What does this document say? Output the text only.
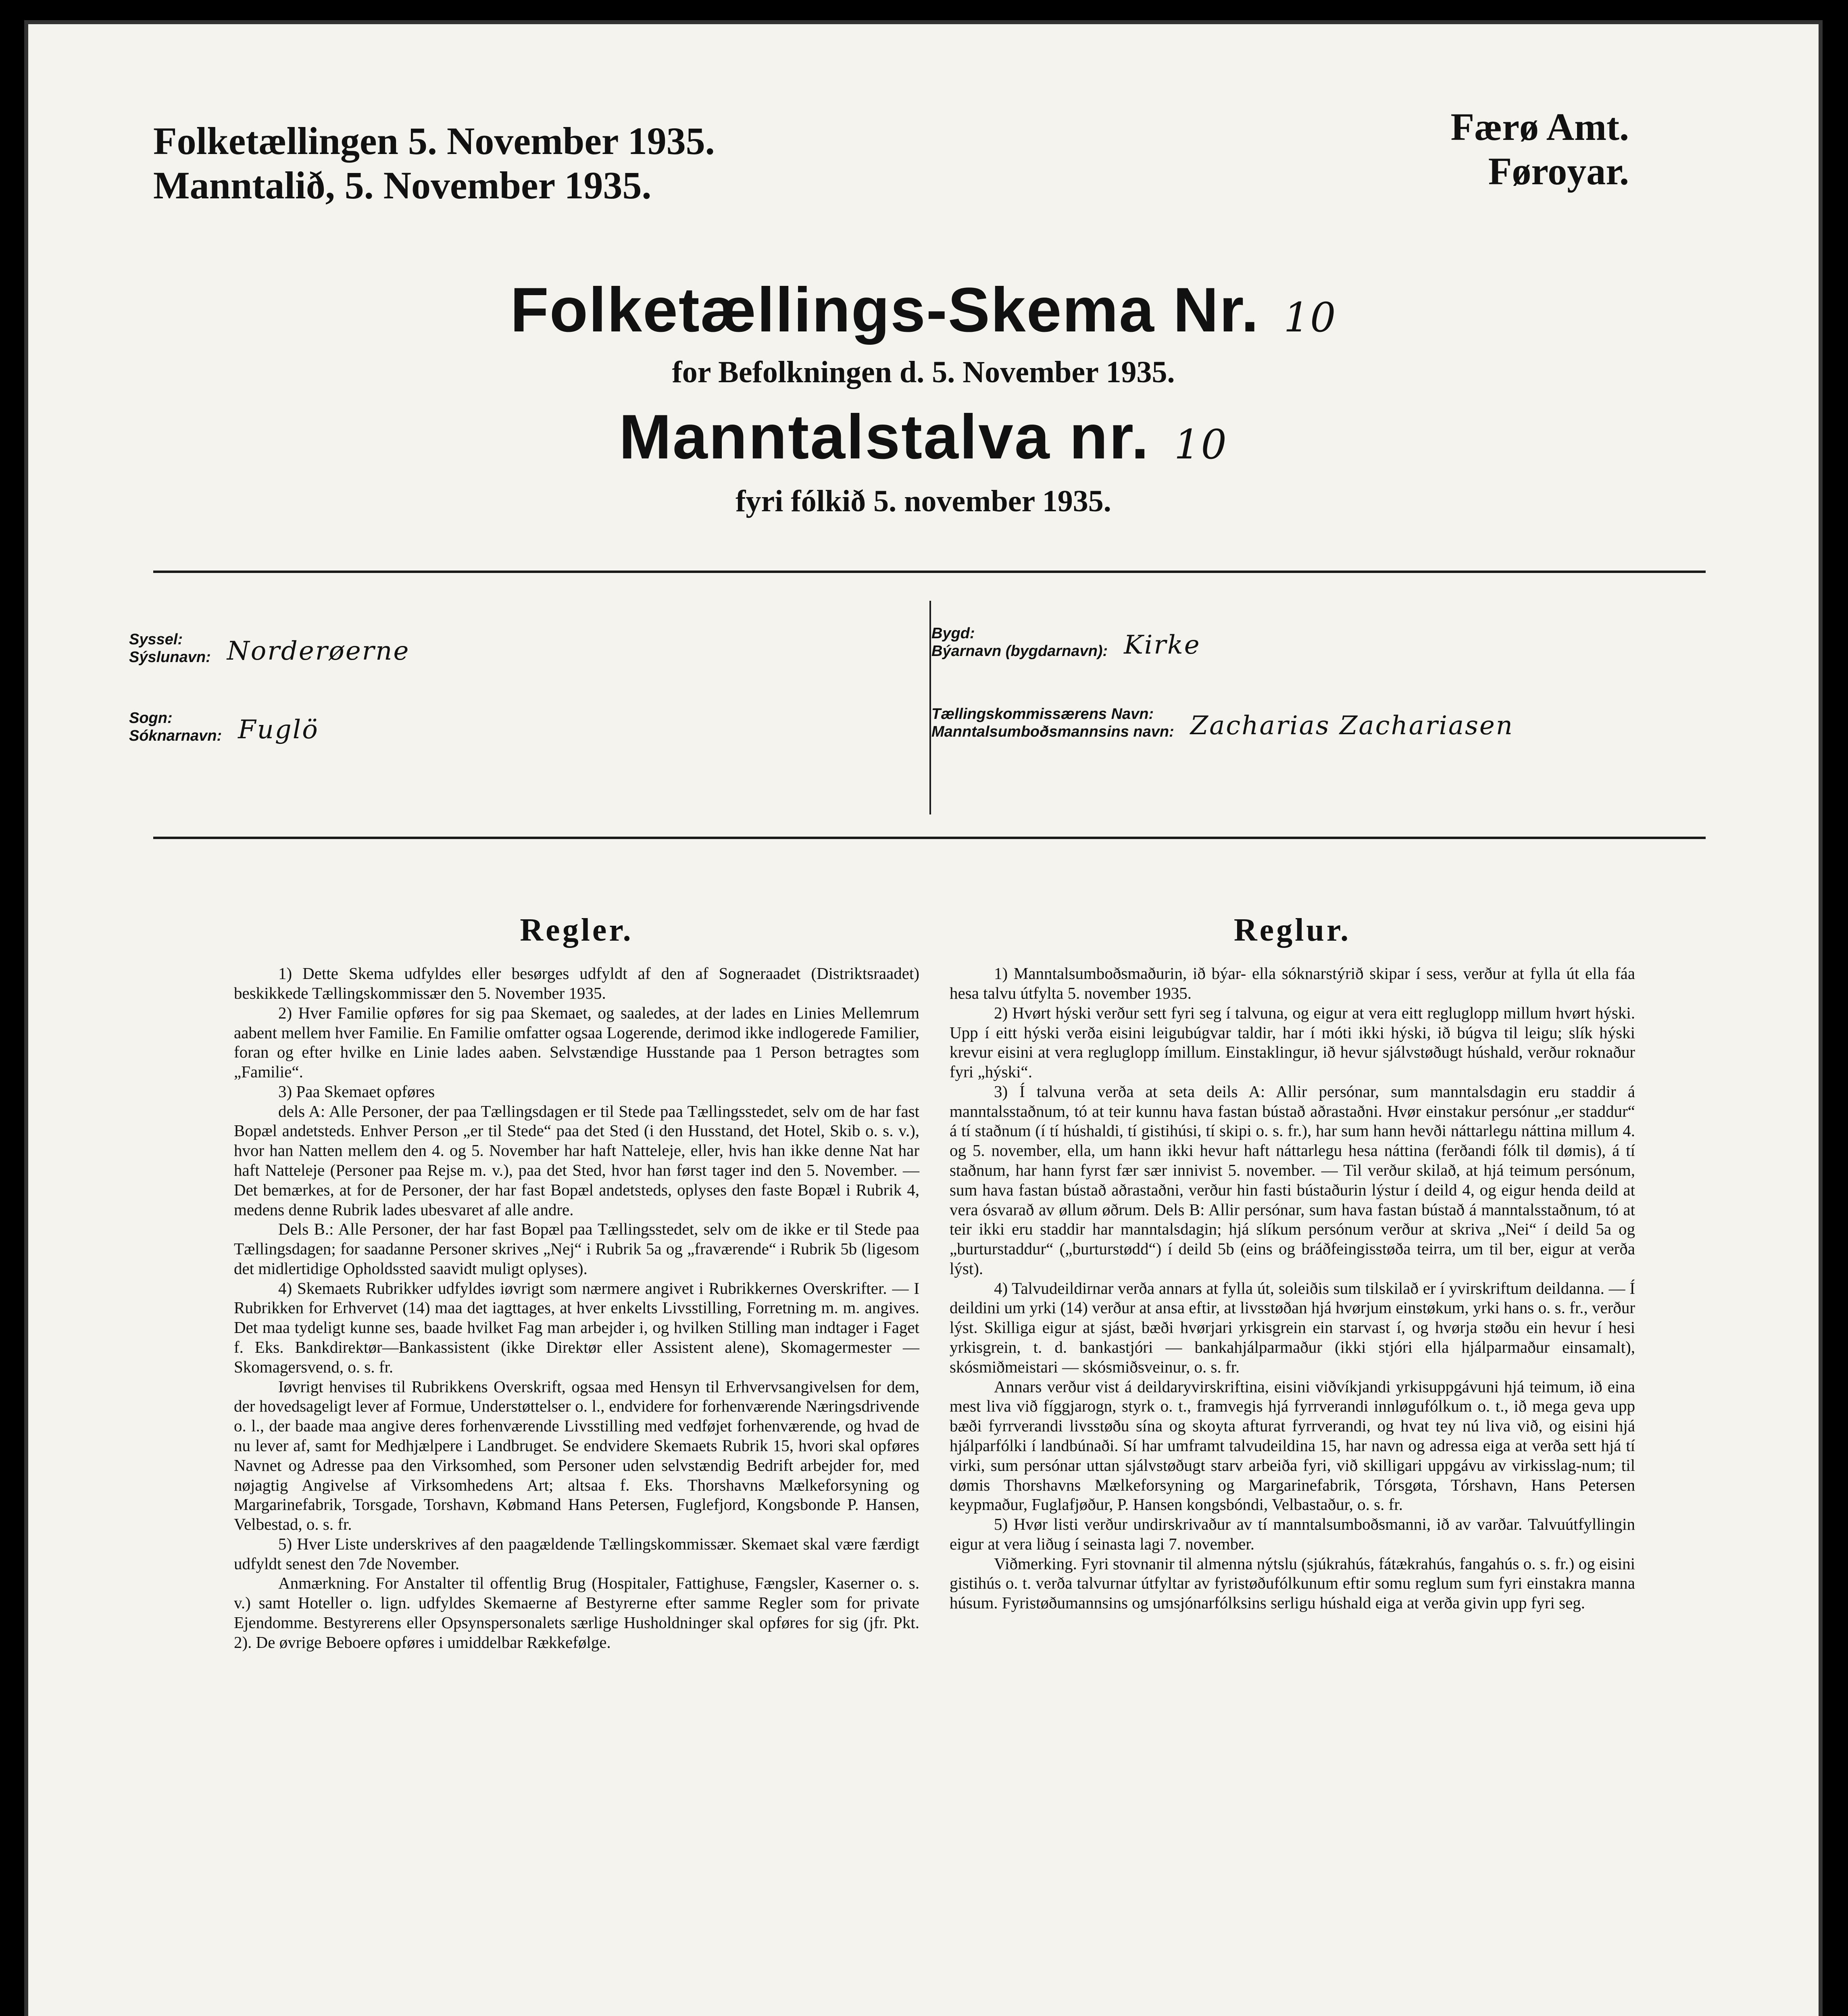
Folketællingen 5. November 1935.
Manntalið, 5. November 1935.
Færø Amt.
Føroyar.
Folketællings-Skema Nr. 10
for Befolkningen d. 5. November 1935.
Manntalstalva nr. 10
fyri fólkið 5. november 1935.
Syssel:
Sýslunavn: Norderøerne
Sogn:
Sóknarnavn: Fuglö
Bygd:
Býarnavn (bygdarnavn): Kirke
Tællingskommissærens Navn:
Manntalsumboðsmannsins navn: Zacharias Zachariasen
Regler.

1) Dette Skema udfyldes eller besørges udfyldt af den af Sogneraadet (Distriktsraadet) beskikkede Tællingskommissær den 5. November 1935.

2) Hver Familie opføres for sig paa Skemaet, og saaledes, at der lades en Linies Mellemrum aabent mellem hver Familie. En Familie omfatter ogsaa Logerende, derimod ikke indlogerede Familier, foran og efter hvilke en Linie lades aaben. Selvstændige Husstande paa 1 Person betragtes som „Familie“.

3) Paa Skemaet opføres

dels A: Alle Personer, der paa Tællingsdagen er til Stede paa Tællingsstedet, selv om de har fast Bopæl andetsteds. Enhver Person „er til Stede“ paa det Sted (i den Husstand, det Hotel, Skib o. s. v.), hvor han Natten mellem den 4. og 5. November har haft Natteleje, eller, hvis han ikke denne Nat har haft Natteleje (Personer paa Rejse m. v.), paa det Sted, hvor han først tager ind den 5. November. — Det bemærkes, at for de Personer, der har fast Bopæl andetsteds, oplyses den faste Bopæl i Rubrik 4, medens denne Rubrik lades ubesvaret af alle andre.

Dels B.: Alle Personer, der har fast Bopæl paa Tællingsstedet, selv om de ikke er til Stede paa Tællingsdagen; for saadanne Personer skrives „Nej“ i Rubrik 5a og „fraværende“ i Rubrik 5b (ligesom det midlertidige Opholdssted saavidt muligt oplyses).

4) Skemaets Rubrikker udfyldes iøvrigt som nærmere angivet i Rubrikkernes Overskrifter. — I Rubrikken for Erhvervet (14) maa det iagttages, at hver enkelts Livsstilling, Forretning m. m. angives. Det maa tydeligt kunne ses, baade hvilket Fag man arbejder i, og hvilken Stilling man indtager i Faget f. Eks. Bankdirektør—Bankassistent (ikke Direktør eller Assistent alene), Skomagermester — Skomagersvend, o. s. fr.

Iøvrigt henvises til Rubrikkens Overskrift, ogsaa med Hensyn til Erhvervsangivelsen for dem, der hovedsageligt lever af Formue, Understøttelser o. l., endvidere for forhenværende Næringsdrivende o. l., der baade maa angive deres forhenværende Livsstilling med vedføjet forhenværende, og hvad de nu lever af, samt for Medhjælpere i Landbruget. Se endvidere Skemaets Rubrik 15, hvori skal opføres Navnet og Adresse paa den Virksomhed, som Personer uden selvstændig Bedrift arbejder for, med nøjagtig Angivelse af Virksomhedens Art; altsaa f. Eks. Thorshavns Mælkeforsyning og Margarinefabrik, Torsgade, Torshavn, Købmand Hans Petersen, Fuglefjord, Kongsbonde P. Hansen, Velbestad, o. s. fr.

5) Hver Liste underskrives af den paagældende Tællingskommissær. Skemaet skal være færdigt udfyldt senest den 7de November.

Anmærkning. For Anstalter til offentlig Brug (Hospitaler, Fattighuse, Fængsler, Kaserner o. s. v.) samt Hoteller o. lign. udfyldes Skemaerne af Bestyrerne efter samme Regler som for private Ejendomme. Bestyrerens eller Opsynspersonalets særlige Husholdninger skal opføres for sig (jfr. Pkt. 2). De øvrige Beboere opføres i umiddelbar Rækkefølge.

Reglur.

1) Manntalsumboðsmaðurin, ið býar- ella sóknarstýrið skipar í sess, verður at fylla út ella fáa hesa talvu útfylta 5. november 1935.

2) Hvørt hýski verður sett fyri seg í talvuna, og eigur at vera eitt regluglopp millum hvørt hýski. Upp í eitt hýski verða eisini leigubúgvar taldir, har í móti ikki hýski, ið búgva til leigu; slík hýski krevur eisini at vera regluglopp ímillum. Einstaklingur, ið hevur sjálvstøðugt húshald, verður roknaður fyri „hýski“.

3) Í talvuna verða at seta deils A: Allir persónar, sum manntalsdagin eru staddir á manntalsstaðnum, tó at teir kunnu hava fastan bústað aðrastaðni. Hvør einstakur persónur „er staddur“ á tí staðnum (í tí húshaldi, tí gistihúsi, tí skipi o. s. fr.), har sum hann hevði náttarlegu náttina millum 4. og 5. november, ella, um hann ikki hevur haft náttarlegu hesa náttina (ferðandi fólk til dømis), á tí staðnum, har hann fyrst fær sær innivist 5. november. — Til verður skilað, at hjá teimum persónum, sum hava fastan bústað aðrastaðni, verður hin fasti bústaðurin lýstur í deild 4, og eigur henda deild at vera ósvarað av øllum øðrum. Dels B: Allir persónar, sum hava fastan bústað á manntalsstaðnum, tó at teir ikki eru staddir har manntalsdagin; hjá slíkum persónum verður at skriva „Nei“ í deild 5a og „burturstaddur“ („burturstødd“) í deild 5b (eins og bráðfeingisstøða teirra, um til ber, eigur at verða lýst).

4) Talvudeildirnar verða annars at fylla út, soleiðis sum tilskilað er í yvirskriftum deildanna. — Í deildini um yrki (14) verður at ansa eftir, at livsstøðan hjá hvørjum einstøkum, yrki hans o. s. fr., verður lýst. Skilliga eigur at sjást, bæði hvørjari yrkisgrein ein starvast í, og hvørja støðu ein hevur í hesi yrkisgrein, t. d. bankastjóri — bankahjálparmaður (ikki stjóri ella hjálparmaður einsamalt), skósmiðmeistari — skósmiðsveinur, o. s. fr.

Annars verður vist á deildaryvirskriftina, eisini viðvíkjandi yrkisuppgávuni hjá teimum, ið eina mest liva við fíggjarogn, styrk o. t., framvegis hjá fyrrverandi innløgufólkum o. t., ið mega geva upp bæði fyrrverandi livsstøðu sína og skoyta afturat fyrrverandi, og hvat tey nú liva við, og eisini hjá hjálparfólki í landbúnaði. Sí har umframt talvudeildina 15, har navn og adressa eiga at verða sett hjá tí virki, sum persónar uttan sjálvstøðugt starv arbeiða fyri, við skilligari uppgávu av virkisslag-num; til dømis Thorshavns Mælkeforsyning og Margarinefabrik, Tórsgøta, Tórshavn, Hans Petersen keypmaður, Fuglafjøður, P. Hansen kongsbóndi, Velbastaður, o. s. fr.

5) Hvør listi verður undirskrivaður av tí manntalsumboðsmanni, ið av varðar. Talvuútfyllingin eigur at vera liðug í seinasta lagi 7. november.

Viðmerking. Fyri stovnanir til almenna nýtslu (sjúkrahús, fátækrahús, fangahús o. s. fr.) og eisini gistihús o. t. verða talvurnar útfyltar av fyristøðufólkunum eftir somu reglum sum fyri einstakra manna húsum. Fyristøðumannsins og umsjónarfólksins serligu húshald eiga at verða givin upp fyri seg.
